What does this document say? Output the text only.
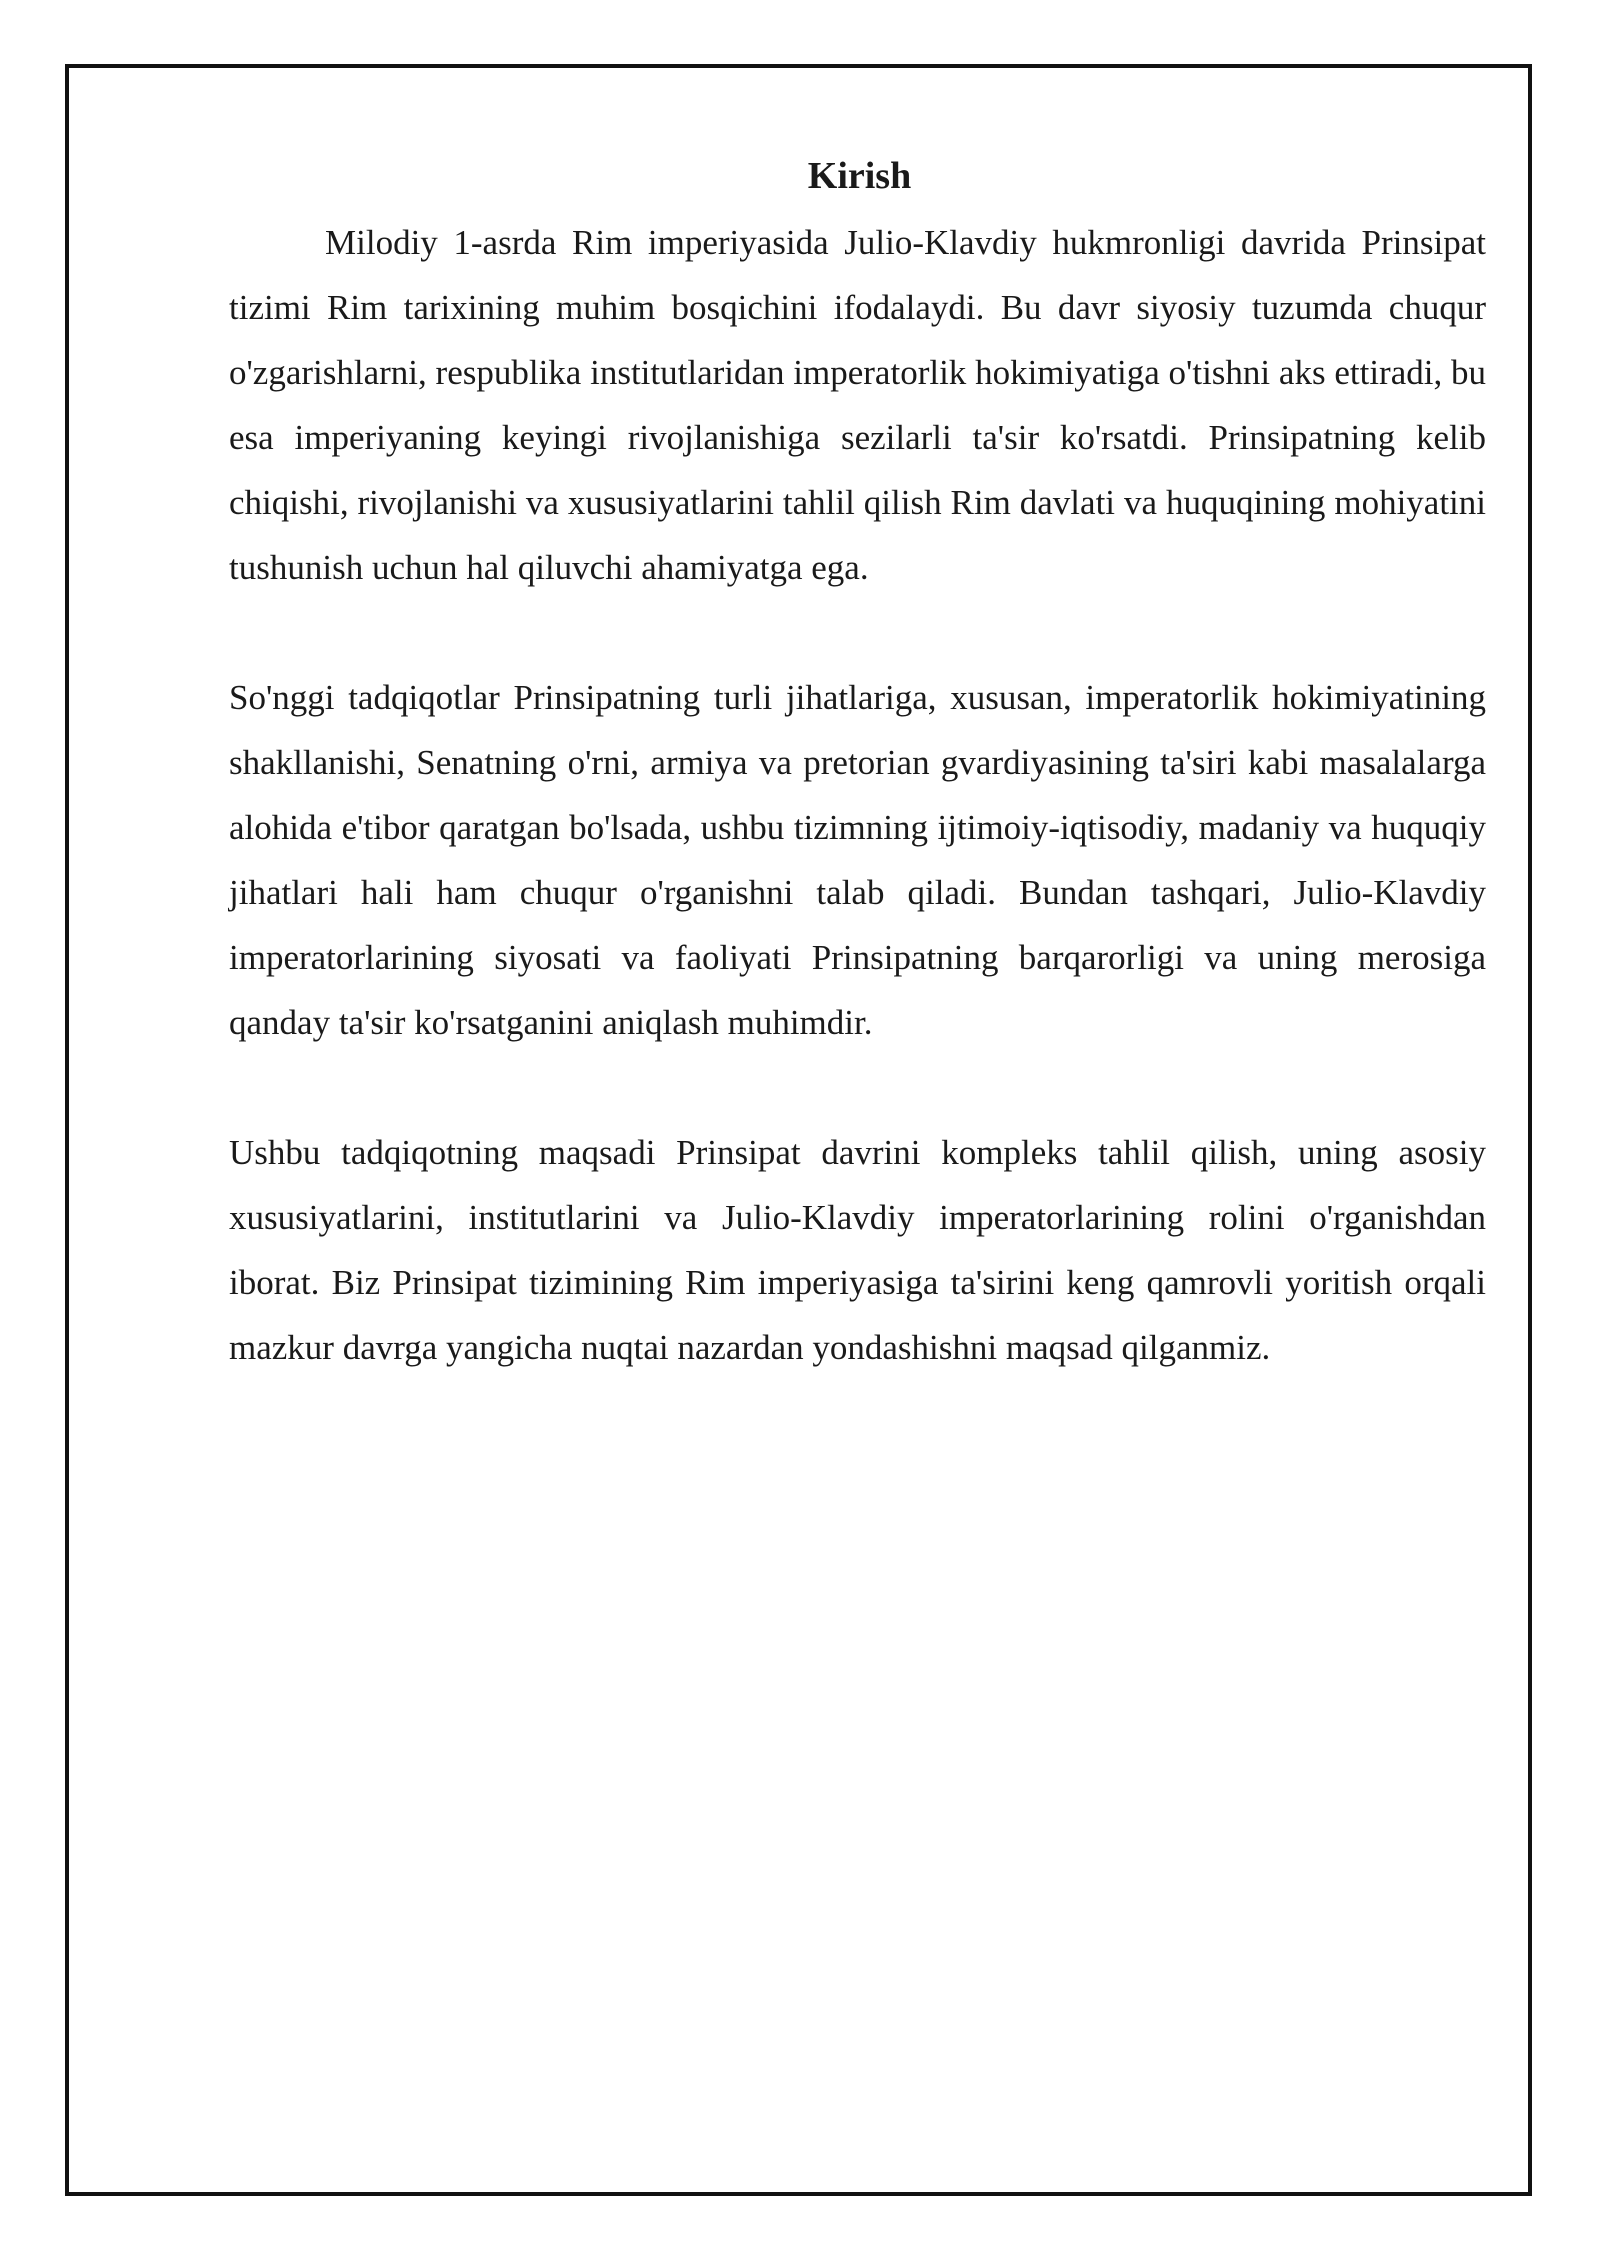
Kirish

Milodiy 1-asrda Rim imperiyasida Julio-Klavdiy hukmronligi davrida Prinsipat tizimi Rim tarixining muhim bosqichini ifodalaydi. Bu davr siyosiy tuzumda chuqur o'zgarishlarni, respublika institutlaridan imperatorlik hokimiyatiga o'tishni aks ettiradi, bu esa imperiyaning keyingi rivojlanishiga sezilarli ta'sir ko'rsatdi. Prinsipatning kelib chiqishi, rivojlanishi va xususiyatlarini tahlil qilish Rim davlati va huquqining mohiyatini tushunish uchun hal qiluvchi ahamiyatga ega.

So'nggi tadqiqotlar Prinsipatning turli jihatlariga, xususan, imperatorlik hokimiyatining shakllanishi, Senatning o'rni, armiya va pretorian gvardiyasining ta'siri kabi masalalarga alohida e'tibor qaratgan bo'lsada, ushbu tizimning ijtimoiy-iqtisodiy, madaniy va huquqiy jihatlari hali ham chuqur o'rganishni talab qiladi. Bundan tashqari, Julio-Klavdiy imperatorlarining siyosati va faoliyati Prinsipatning barqarorligi va uning merosiga qanday ta'sir ko'rsatganini aniqlash muhimdir.

Ushbu tadqiqotning maqsadi Prinsipat davrini kompleks tahlil qilish, uning asosiy xususiyatlarini, institutlarini va Julio-Klavdiy imperatorlarining rolini o'rganishdan iborat. Biz Prinsipat tizimining Rim imperiyasiga ta'sirini keng qamrovli yoritish orqali mazkur davrga yangicha nuqtai nazardan yondashishni maqsad qilganmiz.
